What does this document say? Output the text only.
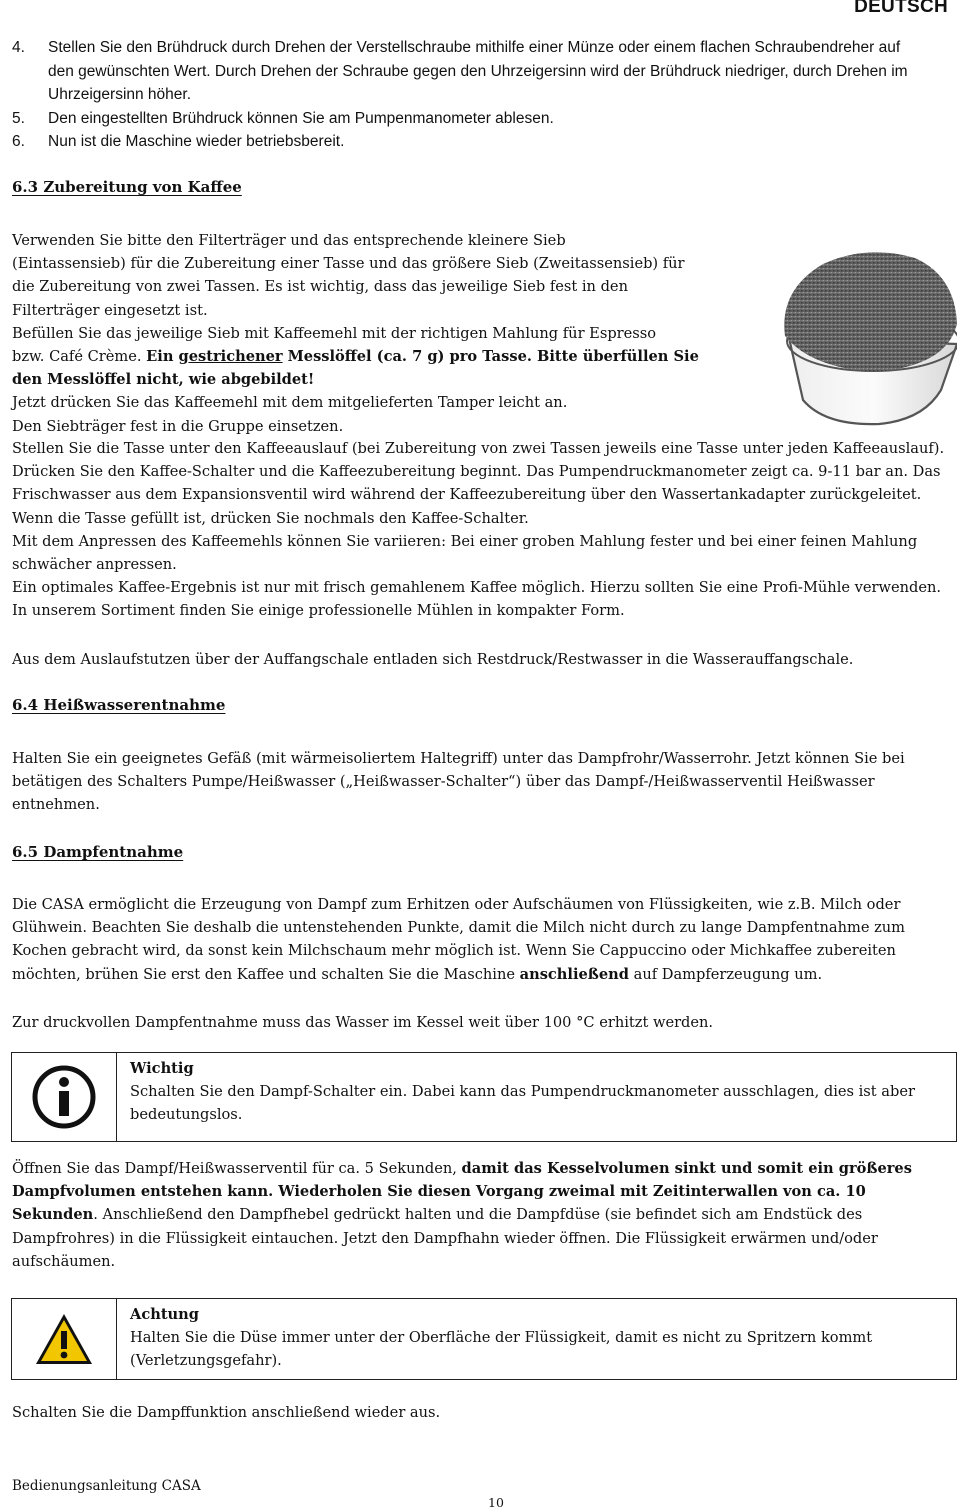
DEUTSCH
4. Stellen Sie den Brühdruck durch Drehen der Verstellschraube mithilfe einer Münze oder einem flachen Schraubendreher auf den gewünschten Wert. Durch Drehen der Schraube gegen den Uhrzeigersinn wird der Brühdruck niedriger, durch Drehen im Uhrzeigersinn höher.
5. Den eingestellten Brühdruck können Sie am Pumpenmanometer ablesen.
6. Nun ist die Maschine wieder betriebsbereit.
6.3 Zubereitung von Kaffee
Verwenden Sie bitte den Filterträger und das entsprechende kleinere Sieb
(Eintassensieb) für die Zubereitung einer Tasse und das größere Sieb (Zweitassensieb) für
die Zubereitung von zwei Tassen. Es ist wichtig, dass das jeweilige Sieb fest in den
Filterträger eingesetzt ist.
Befüllen Sie das jeweilige Sieb mit Kaffeemehl mit der richtigen Mahlung für Espresso
bzw. Café Crème. Ein gestrichener Messlöffel (ca. 7 g) pro Tasse. Bitte überfüllen Sie
den Messlöffel nicht, wie abgebildet!
Jetzt drücken Sie das Kaffeemehl mit dem mitgelieferten Tamper leicht an.
Den Siebträger fest in die Gruppe einsetzen.
Stellen Sie die Tasse unter den Kaffeeauslauf (bei Zubereitung von zwei Tassen jeweils eine Tasse unter jeden Kaffeeauslauf). Drücken Sie den Kaffee-Schalter und die Kaffeezubereitung beginnt. Das Pumpendruckmanometer zeigt ca. 9-11 bar an. Das Frischwasser aus dem Expansionsventil wird während der Kaffeezubereitung über den Wassertankadapter zurückgeleitet. Wenn die Tasse gefüllt ist, drücken Sie nochmals den Kaffee-Schalter.
Mit dem Anpressen des Kaffeemehls können Sie variieren: Bei einer groben Mahlung fester und bei einer feinen Mahlung schwächer anpressen.
Ein optimales Kaffee-Ergebnis ist nur mit frisch gemahlenem Kaffee möglich. Hierzu sollten Sie eine Profi-Mühle verwenden. In unserem Sortiment finden Sie einige professionelle Mühlen in kompakter Form.
Aus dem Auslaufstutzen über der Auffangschale entladen sich Restdruck/Restwasser in die Wasserauffangschale.
6.4 Heißwasserentnahme
Halten Sie ein geeignetes Gefäß (mit wärmeisoliertem Haltegriff) unter das Dampfrohr/Wasserrohr. Jetzt können Sie bei betätigen des Schalters Pumpe/Heißwasser („Heißwasser-Schalter“) über das Dampf-/Heißwasserventil Heißwasser entnehmen.
6.5 Dampfentnahme
Die CASA ermöglicht die Erzeugung von Dampf zum Erhitzen oder Aufschäumen von Flüssigkeiten, wie z.B. Milch oder Glühwein. Beachten Sie deshalb die untenstehenden Punkte, damit die Milch nicht durch zu lange Dampfentnahme zum Kochen gebracht wird, da sonst kein Milchschaum mehr möglich ist. Wenn Sie Cappuccino oder Michkaffee zubereiten möchten, brühen Sie erst den Kaffee und schalten Sie die Maschine anschließend auf Dampferzeugung um.
Zur druckvollen Dampfentnahme muss das Wasser im Kessel weit über 100 °C erhitzt werden.
Wichtig
Schalten Sie den Dampf-Schalter ein. Dabei kann das Pumpendruckmanometer ausschlagen, dies ist aber bedeutungslos.
Öffnen Sie das Dampf/Heißwasserventil für ca. 5 Sekunden, damit das Kesselvolumen sinkt und somit ein größeres Dampfvolumen entstehen kann. Wiederholen Sie diesen Vorgang zweimal mit Zeitinterwallen von ca. 10 Sekunden. Anschließend den Dampfhebel gedrückt halten und die Dampfdüse (sie befindet sich am Endstück des Dampfrohres) in die Flüssigkeit eintauchen. Jetzt den Dampfhahn wieder öffnen. Die Flüssigkeit erwärmen und/oder aufschäumen.
Achtung
Halten Sie die Düse immer unter der Oberfläche der Flüssigkeit, damit es nicht zu Spritzern kommt (Verletzungsgefahr).
Schalten Sie die Dampffunktion anschließend wieder aus.
Bedienungsanleitung CASA
10
